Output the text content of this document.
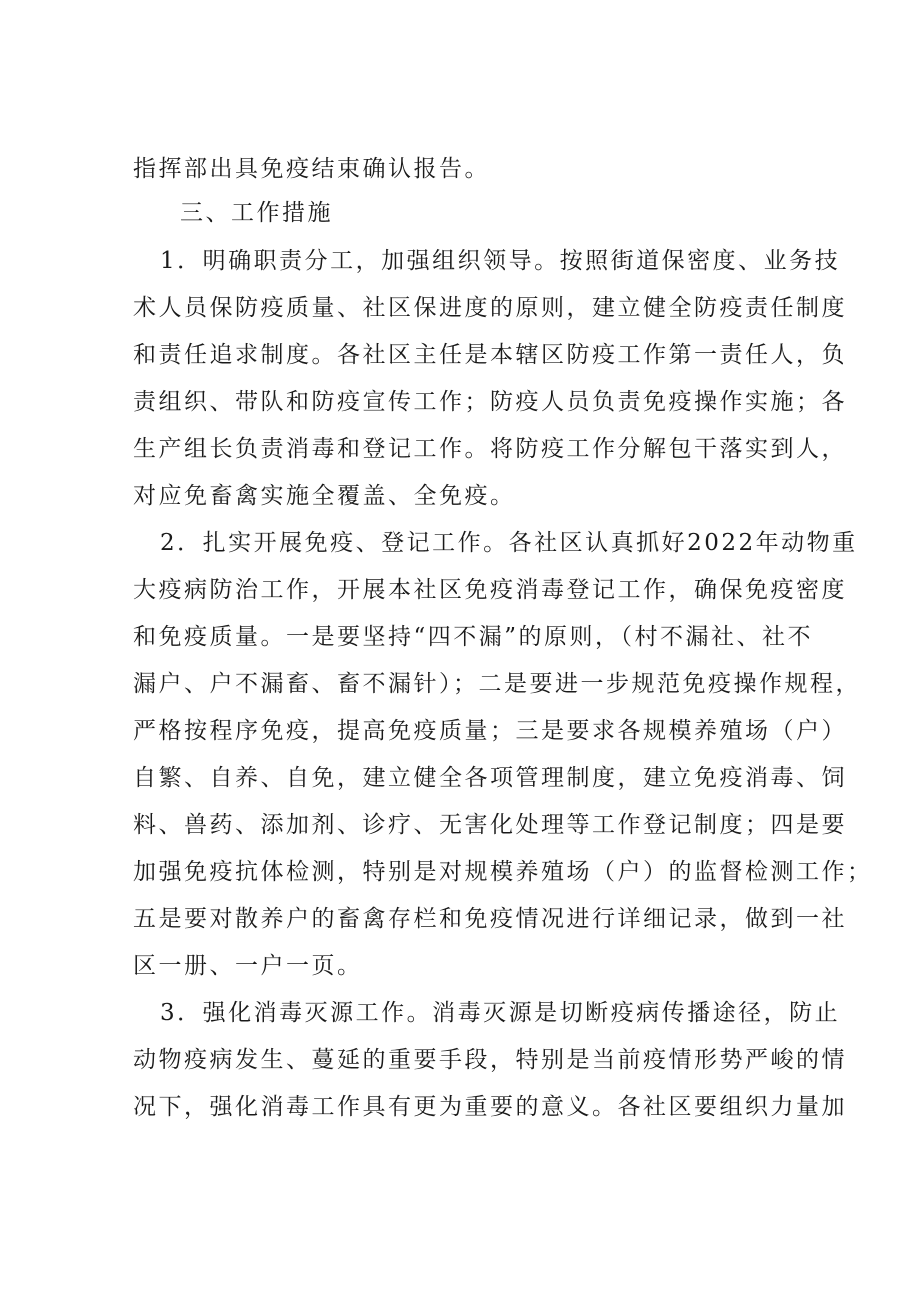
指挥部出具免疫结束确认报告。
三、工作措施
1．明确职责分工，加强组织领导。按照街道保密度、业务技
术人员保防疫质量、社区保进度的原则，建立健全防疫责任制度
和责任追求制度。各社区主任是本辖区防疫工作第一责任人，负
责组织、带队和防疫宣传工作；防疫人员负责免疫操作实施；各
生产组长负责消毒和登记工作。将防疫工作分解包干落实到人，
对应免畜禽实施全覆盖、全免疫。
2．扎实开展免疫、登记工作。各社区认真抓好2022年动物重
大疫病防治工作，开展本社区免疫消毒登记工作，确保免疫密度
和免疫质量。一是要坚持“四不漏”的原则，（村不漏社、社不
漏户、户不漏畜、畜不漏针）；二是要进一步规范免疫操作规程，
严格按程序免疫，提高免疫质量；三是要求各规模养殖场（户）
自繁、自养、自免，建立健全各项管理制度，建立免疫消毒、饲
料、兽药、添加剂、诊疗、无害化处理等工作登记制度；四是要
加强免疫抗体检测，特别是对规模养殖场（户）的监督检测工作；
五是要对散养户的畜禽存栏和免疫情况进行详细记录，做到一社
区一册、一户一页。
3．强化消毒灭源工作。消毒灭源是切断疫病传播途径，防止
动物疫病发生、蔓延的重要手段，特别是当前疫情形势严峻的情
况下，强化消毒工作具有更为重要的意义。各社区要组织力量加
